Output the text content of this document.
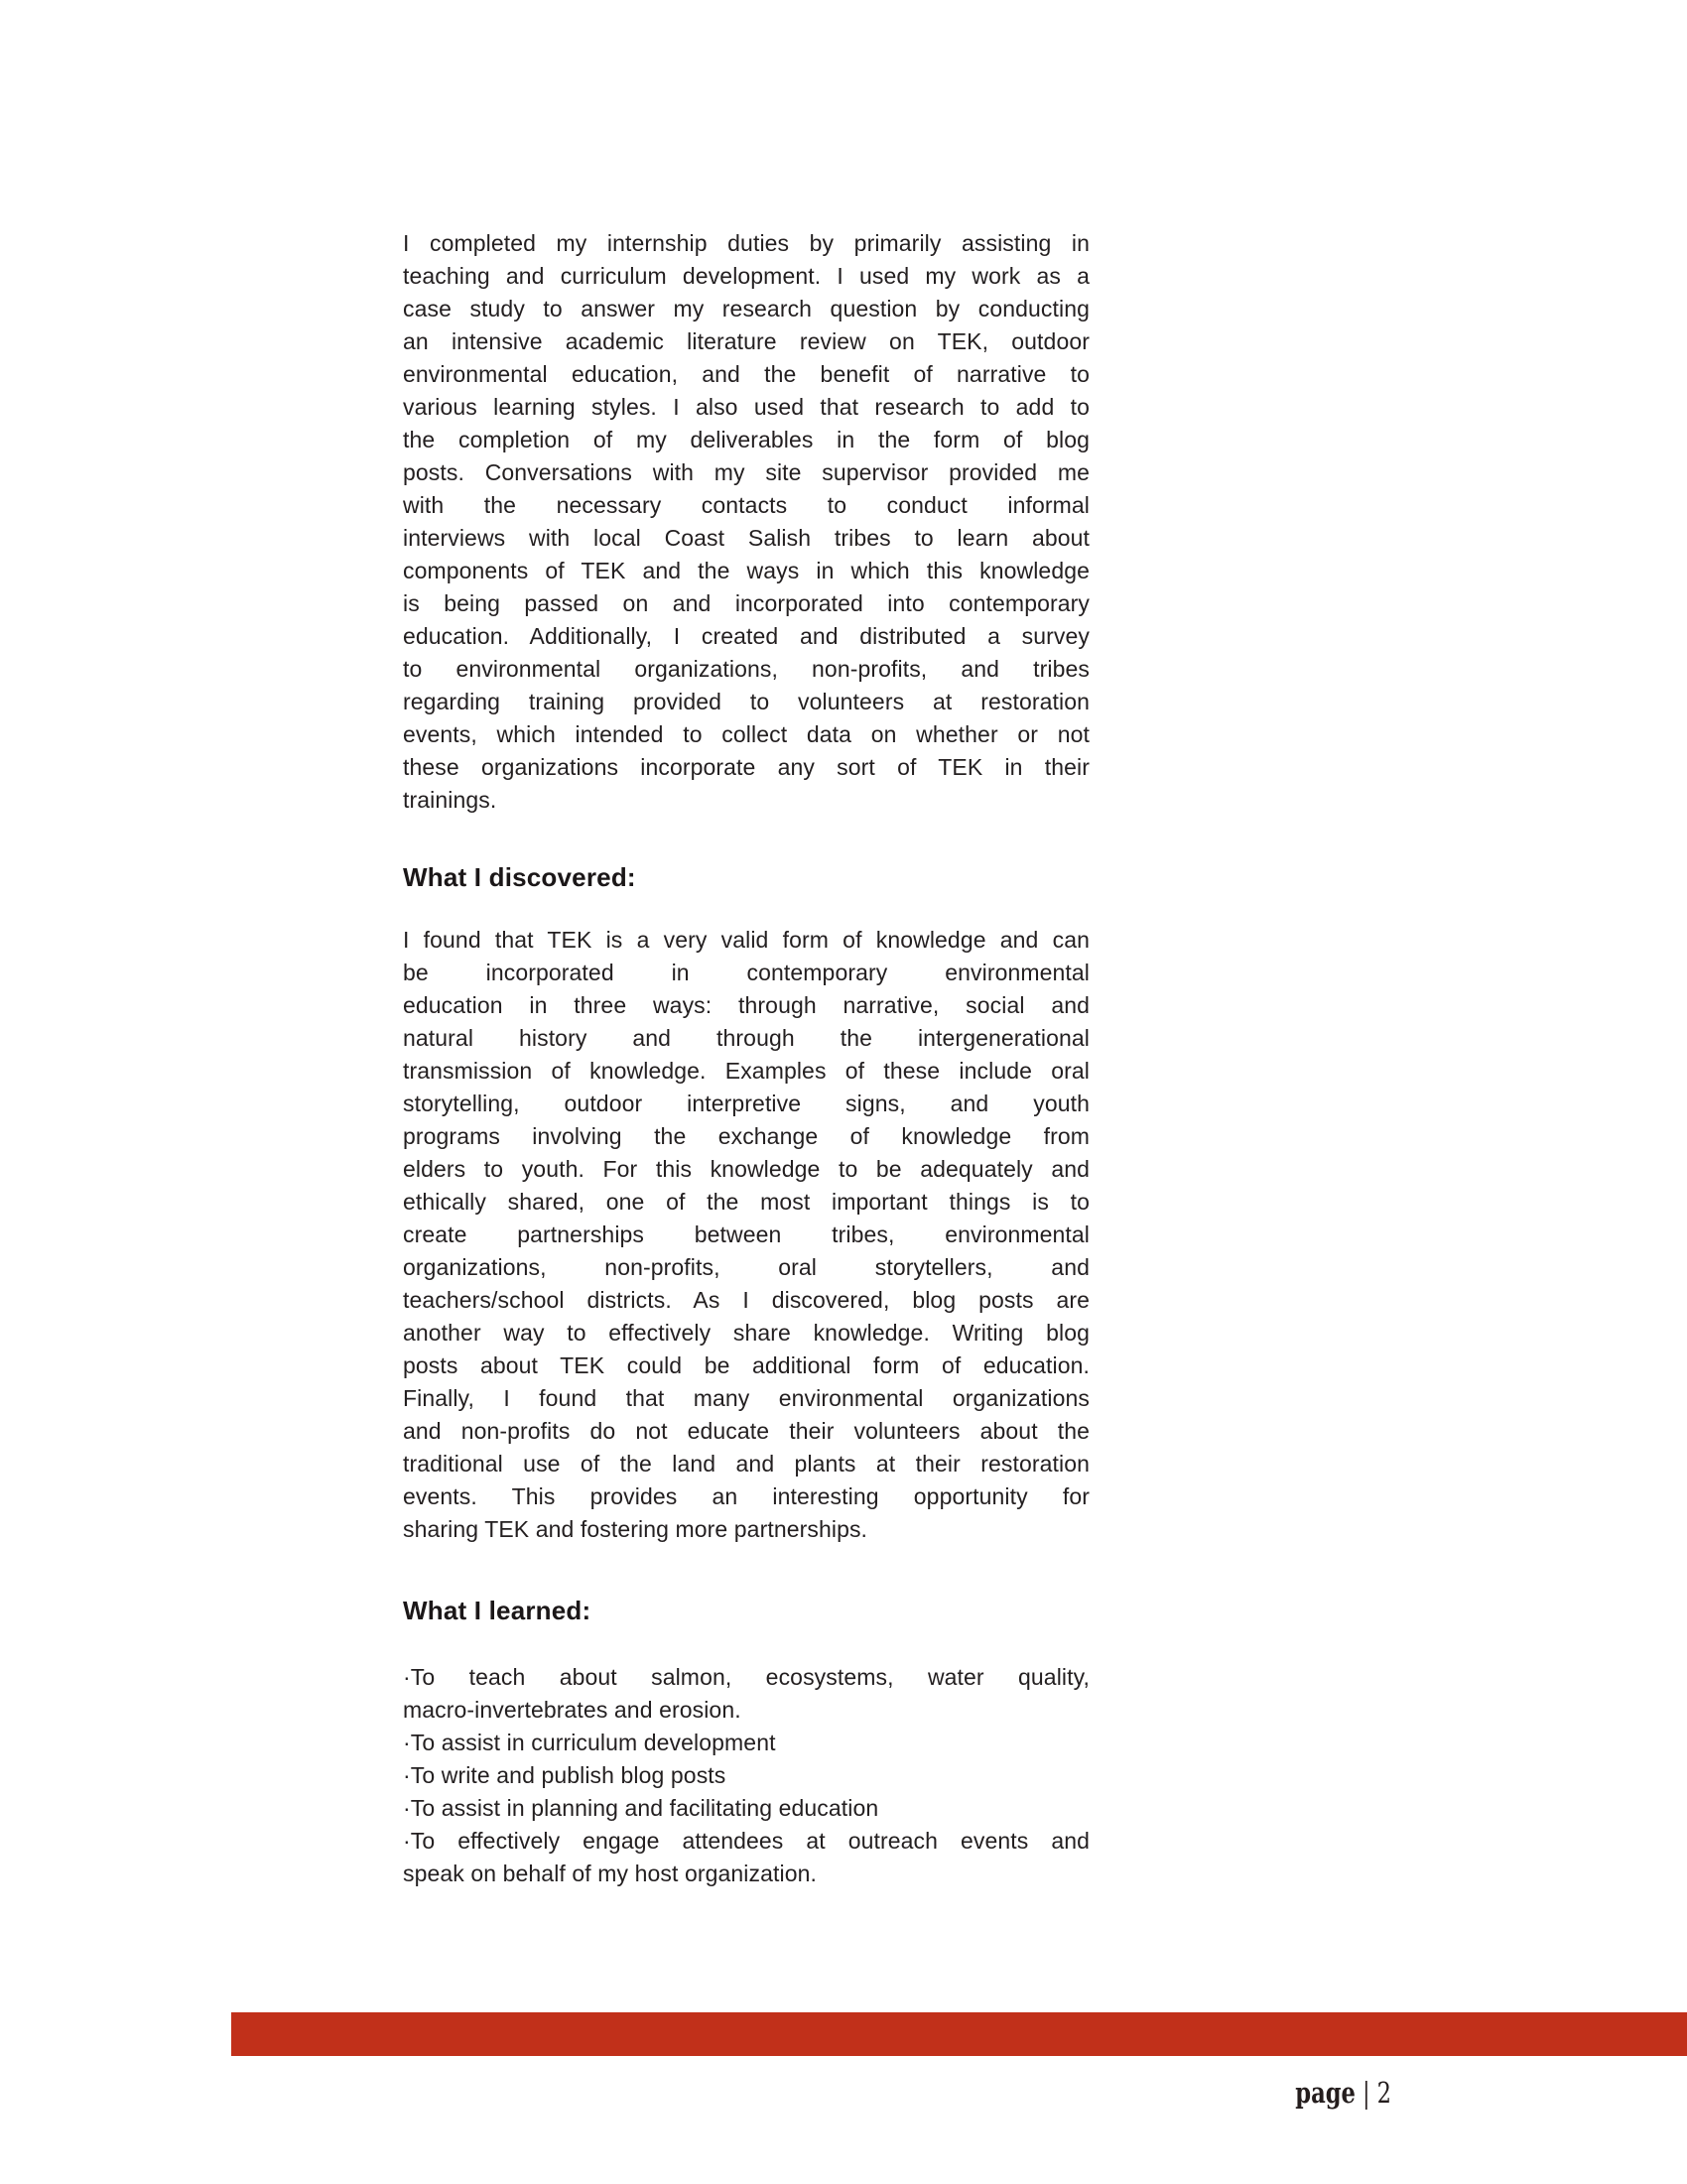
I completed my internship duties by primarily assisting in
teaching and curriculum development. I used my work as a
case study to answer my research question by conducting
an intensive academic literature review on TEK, outdoor
environmental education, and the benefit of narrative to
various learning styles. I also used that research to add to
the completion of my deliverables in the form of blog
posts. Conversations with my site supervisor provided me
with the necessary contacts to conduct informal
interviews with local Coast Salish tribes to learn about
components of TEK and the ways in which this knowledge
is being passed on and incorporated into contemporary
education. Additionally, I created and distributed a survey
to environmental organizations, non-profits, and tribes
regarding training provided to volunteers at restoration
events, which intended to collect data on whether or not
these organizations incorporate any sort of TEK in their
trainings.
What I discovered:
I found that TEK is a very valid form of knowledge and can
be incorporated in contemporary environmental
education in three ways: through narrative, social and
natural history and through the intergenerational
transmission of knowledge. Examples of these include oral
storytelling, outdoor interpretive signs, and youth
programs involving the exchange of knowledge from
elders to youth. For this knowledge to be adequately and
ethically shared, one of the most important things is to
create partnerships between tribes, environmental
organizations, non-profits, oral storytellers, and
teachers/school districts. As I discovered, blog posts are
another way to effectively share knowledge. Writing blog
posts about TEK could be additional form of education.
Finally, I found that many environmental organizations
and non-profits do not educate their volunteers about the
traditional use of the land and plants at their restoration
events. This provides an interesting opportunity for
sharing TEK and fostering more partnerships.
What I learned:
·To teach about salmon, ecosystems, water quality,
macro-invertebrates and erosion.
·To assist in curriculum development
·To write and publish blog posts
·To assist in planning and facilitating education
·To effectively engage attendees at outreach events and
speak on behalf of my host organization.
page | 2
